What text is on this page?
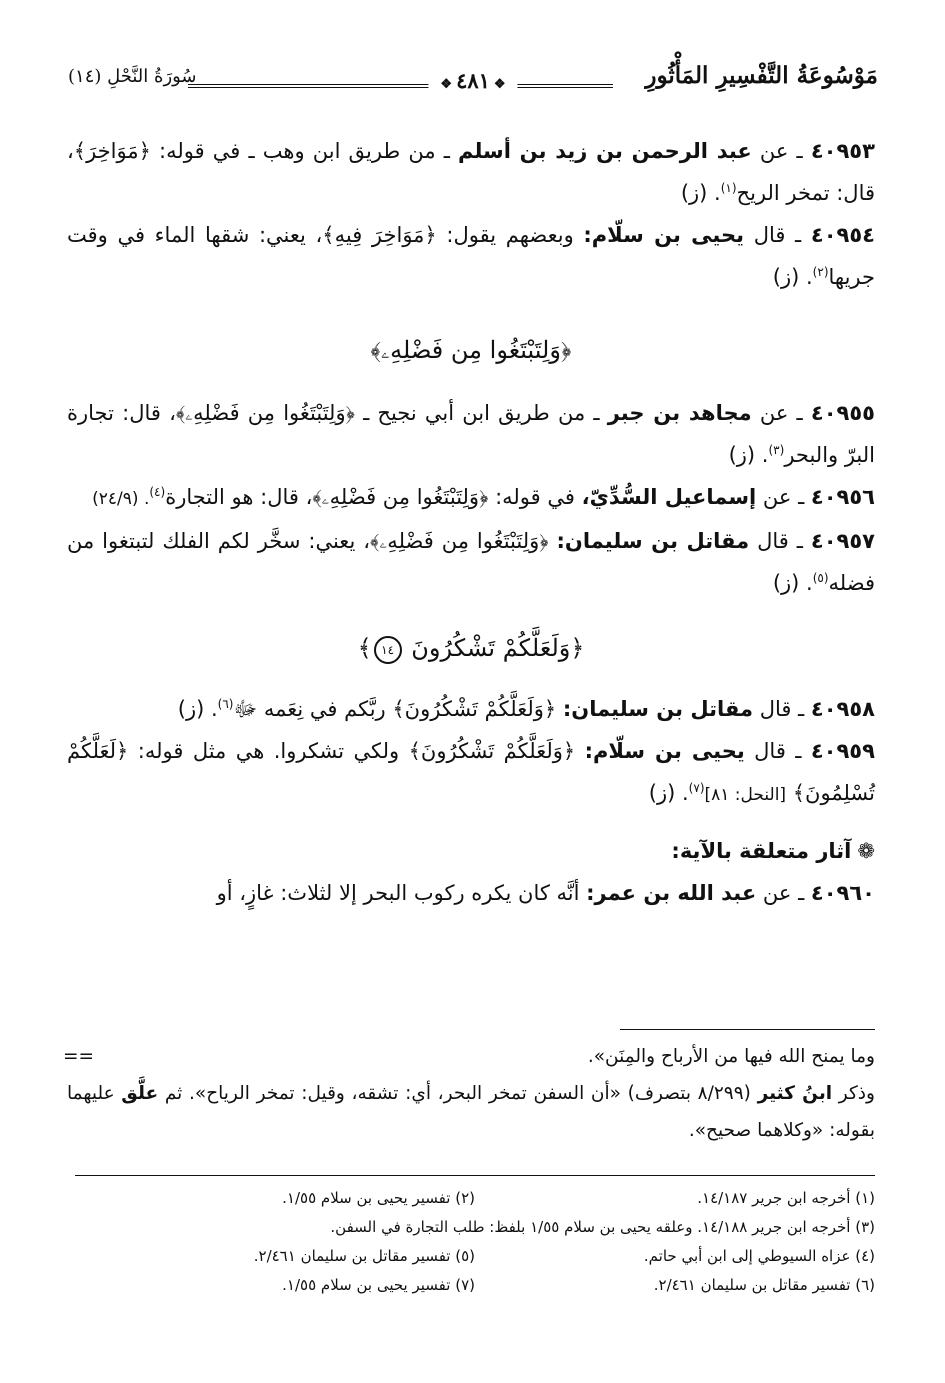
مَوْسُوعَةُ التَّفْسِيرِ المَأْثُورِ
❖٤٨١❖
سُورَةُ النَّحْلِ (١٤)

٤٠٩٥٣ ـ عن عبد الرحمن بن زيد بن أسلم ـ من طريق ابن وهب ـ في قوله: ﴿مَوَاخِرَ﴾، قال: تمخر الريح$^{(١)}$. (ز)

٤٠٩٥٤ ـ قال يحيى بن سلّام: وبعضهم يقول: ﴿مَوَاخِرَ فِيهِ﴾، يعني: شقها الماء في وقت جريها$^{(٢)}$. (ز)

﴿وَلِتَبْتَغُوا مِن فَضْلِهِۦ﴾

٤٠٩٥٥ ـ عن مجاهد بن جبر ـ من طريق ابن أبي نجيح ـ ﴿وَلِتَبْتَغُوا مِن فَضْلِهِۦ﴾، قال: تجارة البرّ والبحر$^{(٣)}$. (ز)

٤٠٩٥٦ ـ عن إسماعيل السُّدِّيّ، في قوله: ﴿وَلِتَبْتَغُوا مِن فَضْلِهِۦ﴾، قال: هو التجارة$^{(٤)}$. (٢٤/٩)

٤٠٩٥٧ ـ قال مقاتل بن سليمان: ﴿وَلِتَبْتَغُوا مِن فَضْلِهِۦ﴾، يعني: سخَّر لكم الفلك لتبتغوا من فضله$^{(٥)}$. (ز)

﴿وَلَعَلَّكُمْ تَشْكُرُونَ ١٤﴾

٤٠٩٥٨ ـ قال مقاتل بن سليمان: ﴿وَلَعَلَّكُمْ تَشْكُرُونَ﴾ ربَّكم في نِعَمه ﷻ$^{(٦)}$. (ز)

٤٠٩٥٩ ـ قال يحيى بن سلّام: ﴿وَلَعَلَّكُمْ تَشْكُرُونَ﴾ ولكي تشكروا. هي مثل قوله: ﴿لَعَلَّكُمْ تُسْلِمُونَ﴾ [النحل: ٨١]$^{(٧)}$. (ز)

❁آثار متعلقة بالآية:

٤٠٩٦٠ ـ عن عبد الله بن عمر: أنَّه كان يكره ركوب البحر إلا لثلاث: غازٍ، أو

==	وما يمنح الله فيها من الأرباح والمِنَن».

وذكر ابنُ كثير (٨/٢٩٩ بتصرف) «أن السفن تمخر البحر، أي: تشقه، وقيل: تمخر الرياح». ثم علَّق عليهما بقوله: «وكلاهما صحيح».

(١) أخرجه ابن جرير ١٤/١٨٧.
(٢) تفسير يحيى بن سلام ١/٥٥.
(٣) أخرجه ابن جرير ١٤/١٨٨. وعلقه يحيى بن سلام ١/٥٥ بلفظ: طلب التجارة في السفن.
(٤) عزاه السيوطي إلى ابن أبي حاتم.
(٥) تفسير مقاتل بن سليمان ٢/٤٦١.
(٦) تفسير مقاتل بن سليمان ٢/٤٦١.
(٧) تفسير يحيى بن سلام ١/٥٥.
